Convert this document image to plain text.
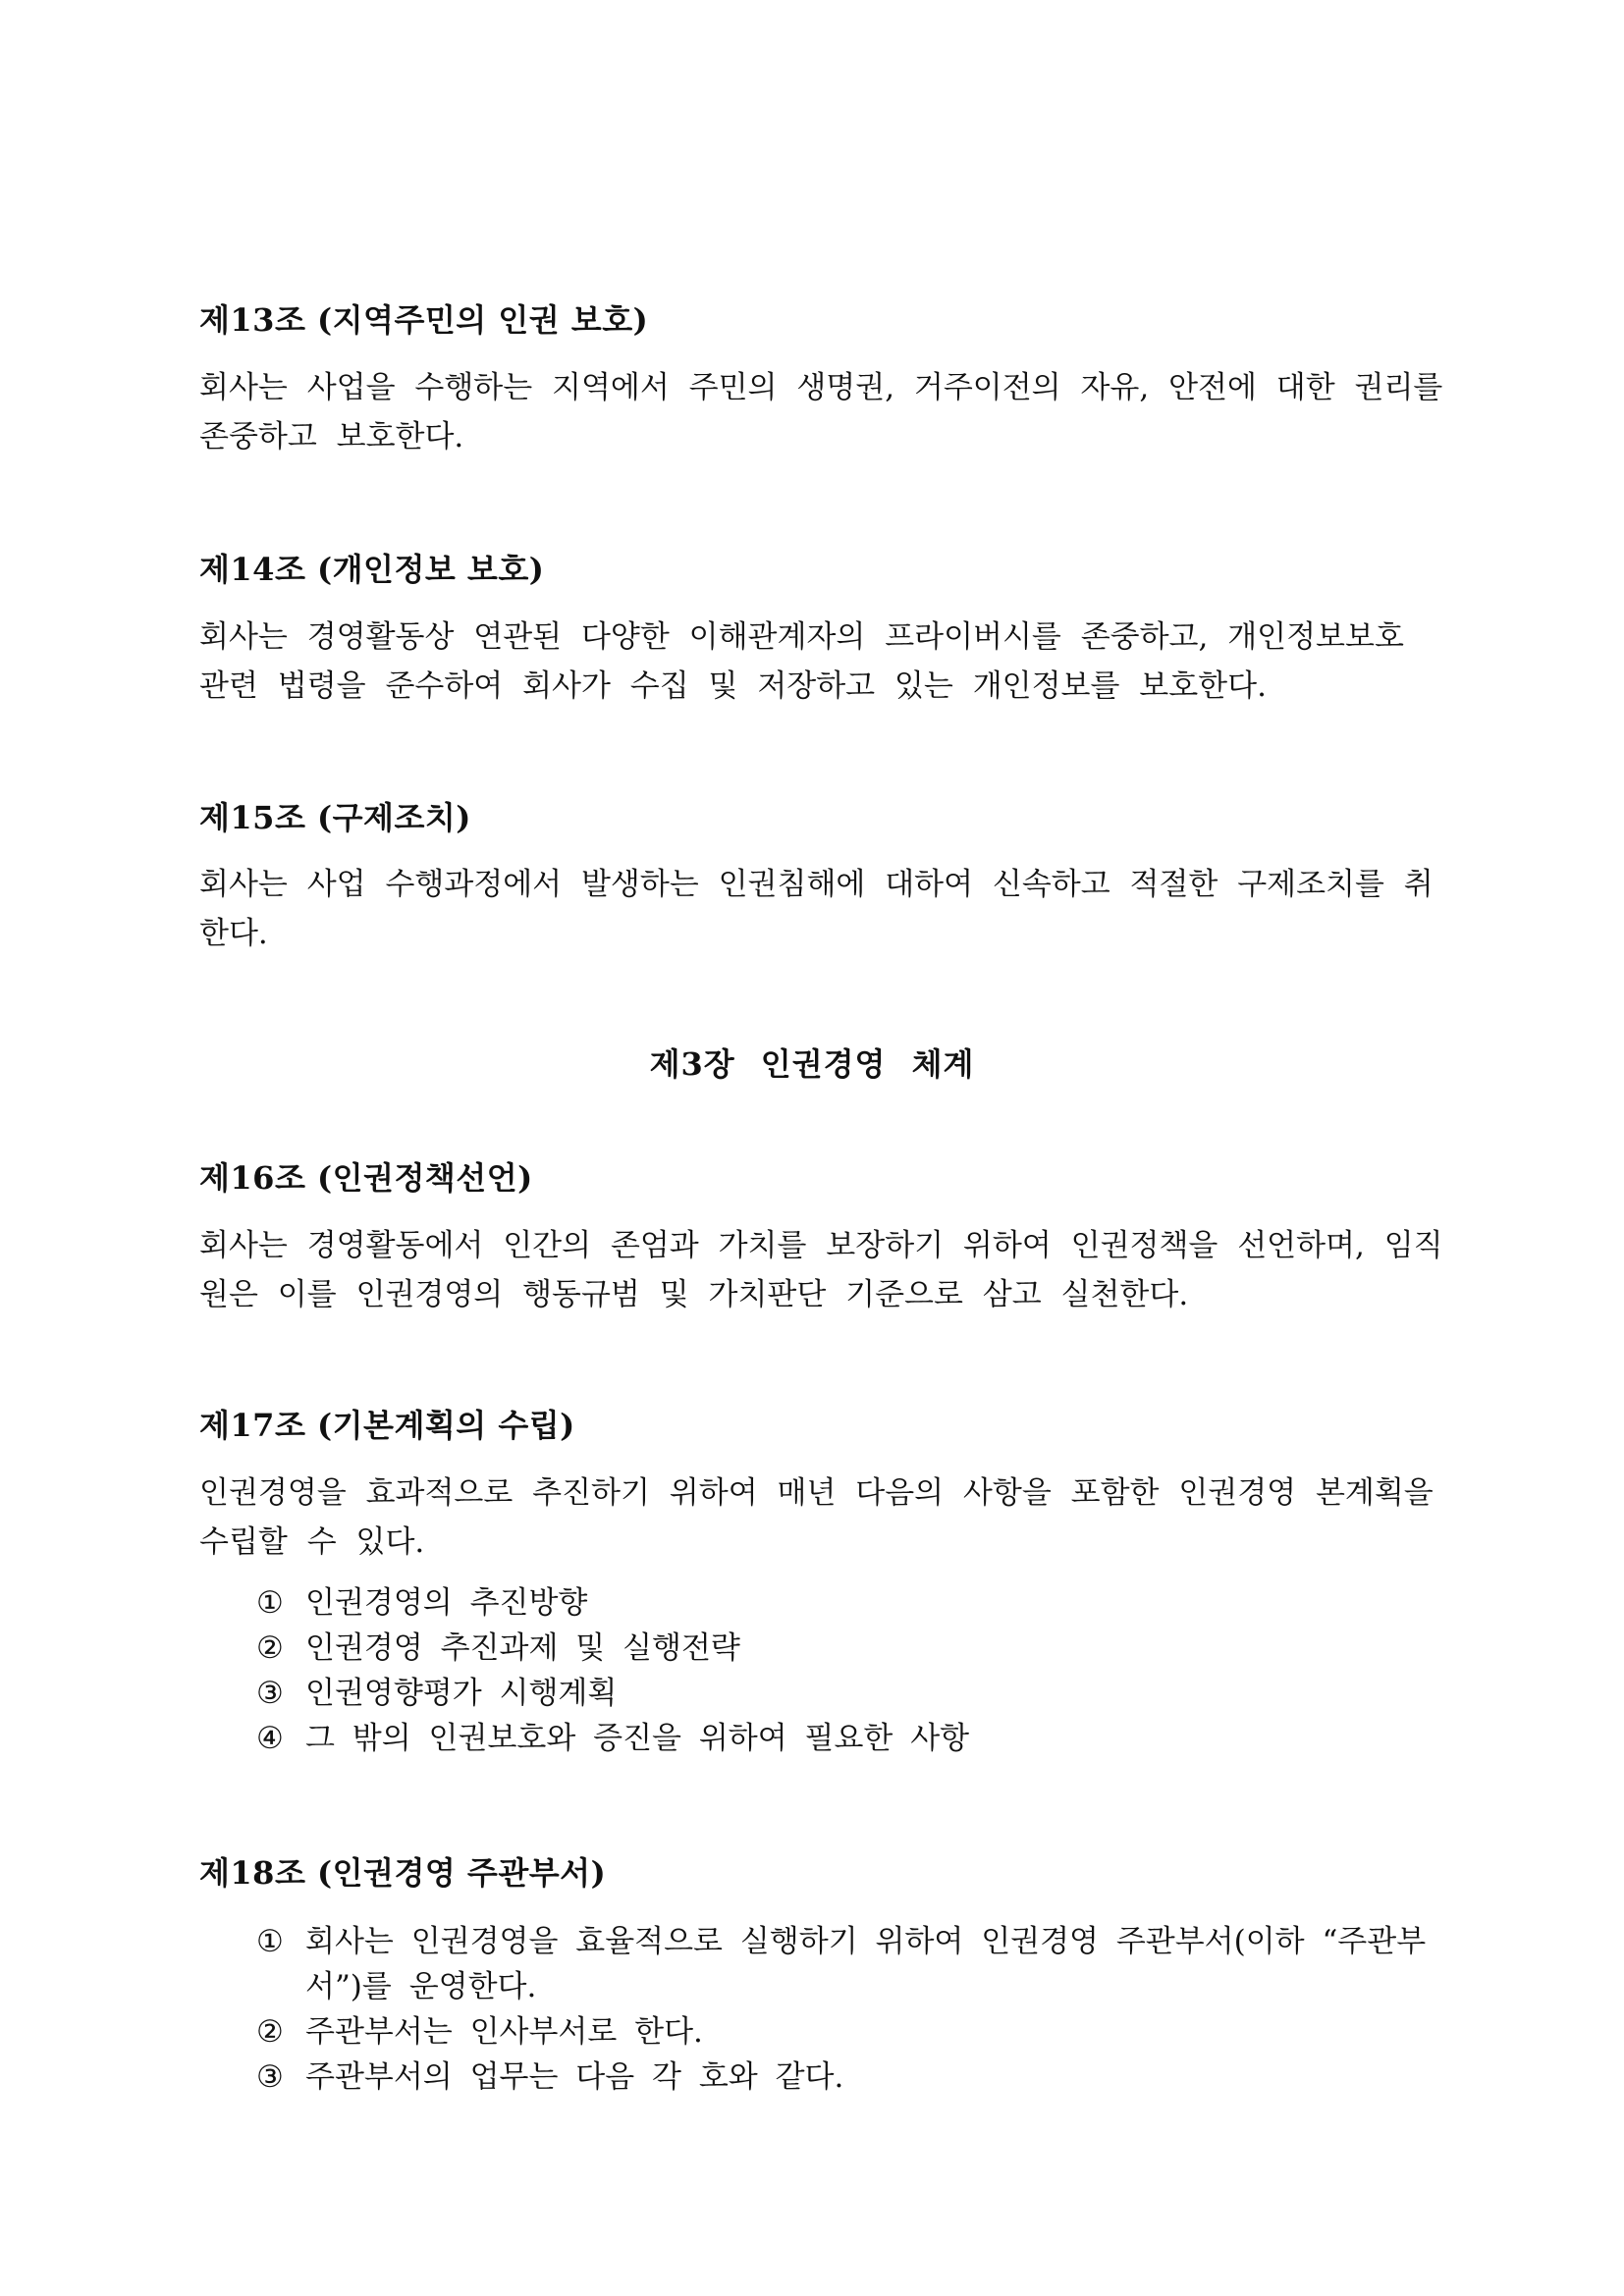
제13조 (지역주민의 인권 보호)
회사는 사업을 수행하는 지역에서 주민의 생명권, 거주이전의 자유, 안전에 대한 권리를
존중하고 보호한다.
제14조 (개인정보 보호)
회사는 경영활동상 연관된 다양한 이해관계자의 프라이버시를 존중하고, 개인정보보호
관련 법령을 준수하여 회사가 수집 및 저장하고 있는 개인정보를 보호한다.
제15조 (구제조치)
회사는 사업 수행과정에서 발생하는 인권침해에 대하여 신속하고 적절한 구제조치를 취
한다.
제3장 인권경영 체계
제16조 (인권정책선언)
회사는 경영활동에서 인간의 존엄과 가치를 보장하기 위하여 인권정책을 선언하며, 임직
원은 이를 인권경영의 행동규범 및 가치판단 기준으로 삼고 실천한다.
제17조 (기본계획의 수립)
인권경영을 효과적으로 추진하기 위하여 매년 다음의 사항을 포함한 인권경영 본계획을
수립할 수 있다.
① 인권경영의 추진방향
② 인권경영 추진과제 및 실행전략
③ 인권영향평가 시행계획
④ 그 밖의 인권보호와 증진을 위하여 필요한 사항
제18조 (인권경영 주관부서)
① 회사는 인권경영을 효율적으로 실행하기 위하여 인권경영 주관부서(이하 “주관부
서”)를 운영한다.
② 주관부서는 인사부서로 한다.
③ 주관부서의 업무는 다음 각 호와 같다.
